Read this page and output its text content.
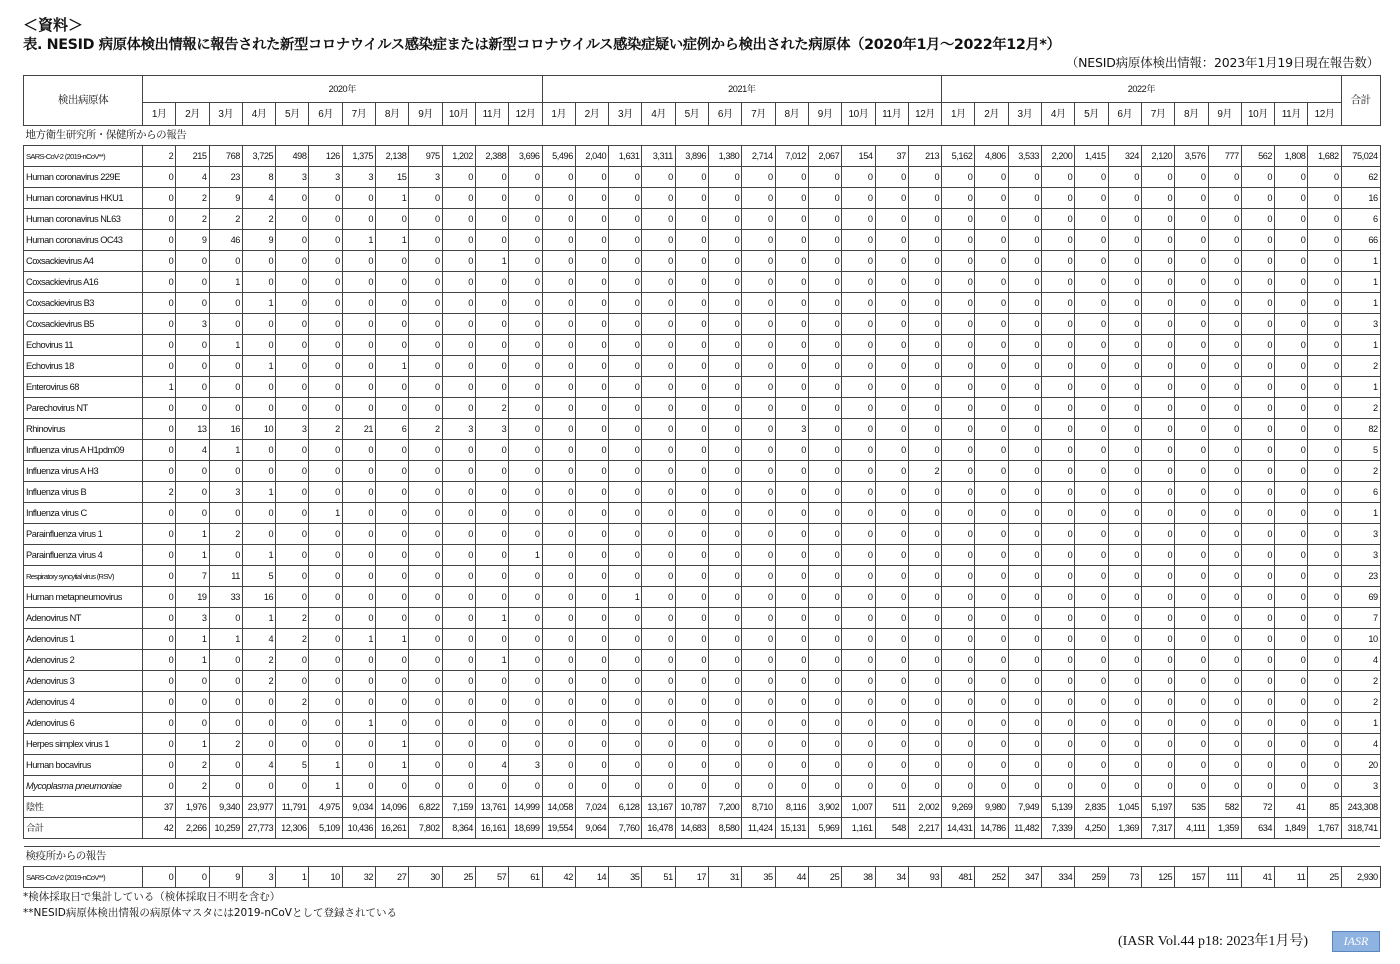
＜資料＞
表. NESID 病原体検出情報に報告された新型コロナウイルス感染症または新型コロナウイルス感染症疑い症例から検出された病原体（2020年1月～2022年12月*）
（NESID病原体検出情報：2023年1月19日現在報告数）
検出病原体	2020年												2021年												2022年												合計
	1月	2月	3月	4月	5月	6月	7月	8月	9月	10月	11月	12月	1月	2月	3月	4月	5月	6月	7月	8月	9月	10月	11月	12月	1月	2月	3月	4月	5月	6月	7月	8月	9月	10月	11月	12月	
地方衛生研究所・保健所からの報告																																					
SARS-CoV-2 (2019-nCoV**)	2	215	768	3,725	498	126	1,375	2,138	975	1,202	2,388	3,696	5,496	2,040	1,631	3,311	3,896	1,380	2,714	7,012	2,067	154	37	213	5,162	4,806	3,533	2,200	1,415	324	2,120	3,576	777	562	1,808	1,682	75,024
Human coronavirus 229E	0	4	23	8	3	3	3	15	3	0	0	0	0	0	0	0	0	0	0	0	0	0	0	0	0	0	0	0	0	0	0	0	0	0	0	0	62
Human coronavirus HKU1	0	2	9	4	0	0	0	1	0	0	0	0	0	0	0	0	0	0	0	0	0	0	0	0	0	0	0	0	0	0	0	0	0	0	0	0	16
Human coronavirus NL63	0	2	2	2	0	0	0	0	0	0	0	0	0	0	0	0	0	0	0	0	0	0	0	0	0	0	0	0	0	0	0	0	0	0	0	0	6
Human coronavirus OC43	0	9	46	9	0	0	1	1	0	0	0	0	0	0	0	0	0	0	0	0	0	0	0	0	0	0	0	0	0	0	0	0	0	0	0	0	66
Coxsackievirus A4	0	0	0	0	0	0	0	0	0	0	1	0	0	0	0	0	0	0	0	0	0	0	0	0	0	0	0	0	0	0	0	0	0	0	0	0	1
Coxsackievirus A16	0	0	1	0	0	0	0	0	0	0	0	0	0	0	0	0	0	0	0	0	0	0	0	0	0	0	0	0	0	0	0	0	0	0	0	0	1
Coxsackievirus B3	0	0	0	1	0	0	0	0	0	0	0	0	0	0	0	0	0	0	0	0	0	0	0	0	0	0	0	0	0	0	0	0	0	0	0	0	1
Coxsackievirus B5	0	3	0	0	0	0	0	0	0	0	0	0	0	0	0	0	0	0	0	0	0	0	0	0	0	0	0	0	0	0	0	0	0	0	0	0	3
Echovirus 11	0	0	1	0	0	0	0	0	0	0	0	0	0	0	0	0	0	0	0	0	0	0	0	0	0	0	0	0	0	0	0	0	0	0	0	0	1
Echovirus 18	0	0	0	1	0	0	0	1	0	0	0	0	0	0	0	0	0	0	0	0	0	0	0	0	0	0	0	0	0	0	0	0	0	0	0	0	2
Enterovirus 68	1	0	0	0	0	0	0	0	0	0	0	0	0	0	0	0	0	0	0	0	0	0	0	0	0	0	0	0	0	0	0	0	0	0	0	0	1
Parechovirus NT	0	0	0	0	0	0	0	0	0	0	2	0	0	0	0	0	0	0	0	0	0	0	0	0	0	0	0	0	0	0	0	0	0	0	0	0	2
Rhinovirus	0	13	16	10	3	2	21	6	2	3	3	0	0	0	0	0	0	0	0	3	0	0	0	0	0	0	0	0	0	0	0	0	0	0	0	0	82
Influenza virus A H1pdm09	0	4	1	0	0	0	0	0	0	0	0	0	0	0	0	0	0	0	0	0	0	0	0	0	0	0	0	0	0	0	0	0	0	0	0	0	5
Influenza virus A H3	0	0	0	0	0	0	0	0	0	0	0	0	0	0	0	0	0	0	0	0	0	0	0	2	0	0	0	0	0	0	0	0	0	0	0	0	2
Influenza virus B	2	0	3	1	0	0	0	0	0	0	0	0	0	0	0	0	0	0	0	0	0	0	0	0	0	0	0	0	0	0	0	0	0	0	0	0	6
Influenza virus C	0	0	0	0	0	1	0	0	0	0	0	0	0	0	0	0	0	0	0	0	0	0	0	0	0	0	0	0	0	0	0	0	0	0	0	0	1
Parainfluenza virus 1	0	1	2	0	0	0	0	0	0	0	0	0	0	0	0	0	0	0	0	0	0	0	0	0	0	0	0	0	0	0	0	0	0	0	0	0	3
Parainfluenza virus 4	0	1	0	1	0	0	0	0	0	0	0	1	0	0	0	0	0	0	0	0	0	0	0	0	0	0	0	0	0	0	0	0	0	0	0	0	3
Respiratory syncytial virus (RSV)	0	7	11	5	0	0	0	0	0	0	0	0	0	0	0	0	0	0	0	0	0	0	0	0	0	0	0	0	0	0	0	0	0	0	0	0	23
Human metapneumovirus	0	19	33	16	0	0	0	0	0	0	0	0	0	0	1	0	0	0	0	0	0	0	0	0	0	0	0	0	0	0	0	0	0	0	0	0	69
Adenovirus NT	0	3	0	1	2	0	0	0	0	0	1	0	0	0	0	0	0	0	0	0	0	0	0	0	0	0	0	0	0	0	0	0	0	0	0	0	7
Adenovirus 1	0	1	1	4	2	0	1	1	0	0	0	0	0	0	0	0	0	0	0	0	0	0	0	0	0	0	0	0	0	0	0	0	0	0	0	0	10
Adenovirus 2	0	1	0	2	0	0	0	0	0	0	1	0	0	0	0	0	0	0	0	0	0	0	0	0	0	0	0	0	0	0	0	0	0	0	0	0	4
Adenovirus 3	0	0	0	2	0	0	0	0	0	0	0	0	0	0	0	0	0	0	0	0	0	0	0	0	0	0	0	0	0	0	0	0	0	0	0	0	2
Adenovirus 4	0	0	0	0	2	0	0	0	0	0	0	0	0	0	0	0	0	0	0	0	0	0	0	0	0	0	0	0	0	0	0	0	0	0	0	0	2
Adenovirus 6	0	0	0	0	0	0	1	0	0	0	0	0	0	0	0	0	0	0	0	0	0	0	0	0	0	0	0	0	0	0	0	0	0	0	0	0	1
Herpes simplex virus 1	0	1	2	0	0	0	0	1	0	0	0	0	0	0	0	0	0	0	0	0	0	0	0	0	0	0	0	0	0	0	0	0	0	0	0	0	4
Human bocavirus	0	2	0	4	5	1	0	1	0	0	4	3	0	0	0	0	0	0	0	0	0	0	0	0	0	0	0	0	0	0	0	0	0	0	0	0	20
Mycoplasma pneumoniae	0	2	0	0	0	1	0	0	0	0	0	0	0	0	0	0	0	0	0	0	0	0	0	0	0	0	0	0	0	0	0	0	0	0	0	0	3
陰性	37	1,976	9,340	23,977	11,791	4,975	9,034	14,096	6,822	7,159	13,761	14,999	14,058	7,024	6,128	13,167	10,787	7,200	8,710	8,116	3,902	1,007	511	2,002	9,269	9,980	7,949	5,139	2,835	1,045	5,197	535	582	72	41	85	243,308
合計	42	2,266	10,259	27,773	12,306	5,109	10,436	16,261	7,802	8,364	16,161	18,699	19,554	9,064	7,760	16,478	14,683	8,580	11,424	15,131	5,969	1,161	548	2,217	14,431	14,786	11,482	7,339	4,250	1,369	7,317	4,111	1,359	634	1,849	1,767	318,741

検疫所からの報告																																					
SARS-CoV-2 (2019-nCoV**)	0	0	9	3	1	10	32	27	30	25	57	61	42	14	35	51	17	31	35	44	25	38	34	93	481	252	347	334	259	73	125	157	111	41	11	25	2,930
*検体採取日で集計している（検体採取日不明を含む）
**NESID病原体検出情報の病原体マスタには2019-nCoVとして登録されている
(IASR Vol.44 p18: 2023年1月号)	IASR
